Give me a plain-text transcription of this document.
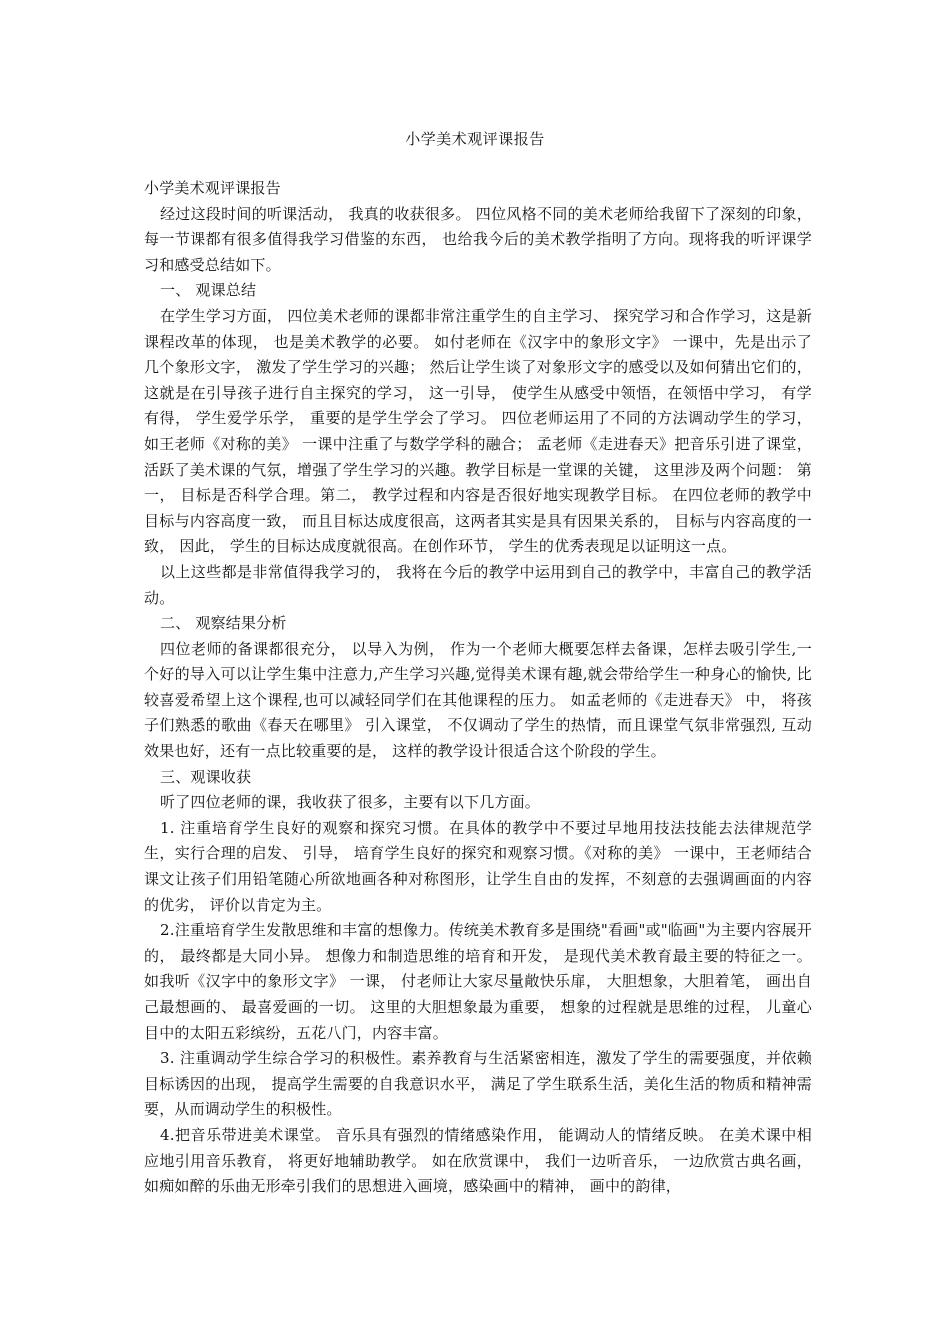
小学美术观评课报告

小学美术观评课报告

经过这段时间的听课活动， 我真的收获很多。 四位风格不同的美术老师给我留下了深刻的印象， 每一节课都有很多值得我学习借鉴的东西， 也给我今后的美术教学指明了方向。现将我的听评课学习和感受总结如下。

一、 观课总结

在学生学习方面， 四位美术老师的课都非常注重学生的自主学习、 探究学习和合作学习，这是新课程改革的体现， 也是美术教学的必要。 如付老师在《汉字中的象形文字》 一课中，先是出示了几个象形文字， 激发了学生学习的兴趣； 然后让学生谈了对象形文字的感受以及如何猜出它们的， 这就是在引导孩子进行自主探究的学习， 这一引导， 使学生从感受中领悟，在领悟中学习， 有学有得， 学生爱学乐学， 重要的是学生学会了学习。 四位老师运用了不同的方法调动学生的学习， 如王老师《对称的美》 一课中注重了与数学学科的融合； 孟老师《走进春天》把音乐引进了课堂，活跃了美术课的气氛，增强了学生学习的兴趣。教学目标是一堂课的关键， 这里涉及两个问题： 第一， 目标是否科学合理。第二， 教学过程和内容是否很好地实现教学目标。 在四位老师的教学中目标与内容高度一致， 而且目标达成度很高，这两者其实是具有因果关系的， 目标与内容高度的一致， 因此， 学生的目标达成度就很高。在创作环节， 学生的优秀表现足以证明这一点。

以上这些都是非常值得我学习的， 我将在今后的教学中运用到自己的教学中，丰富自己的教学活动。

二、 观察结果分析

四位老师的备课都很充分， 以导入为例， 作为一个老师大概要怎样去备课，怎样去吸引学生,一个好的导入可以让学生集中注意力,产生学习兴趣,觉得美术课有趣,就会带给学生一种身心的愉快, 比较喜爱希望上这个课程,也可以减轻同学们在其他课程的压力。 如孟老师的《走进春天》 中， 将孩子们熟悉的歌曲《春天在哪里》 引入课堂， 不仅调动了学生的热情，而且课堂气氛非常强烈, 互动效果也好，还有一点比较重要的是， 这样的教学设计很适合这个阶段的学生。

三、观课收获

听了四位老师的课，我收获了很多，主要有以下几方面。

1. 注重培育学生良好的观察和探究习惯。在具体的教学中不要过早地用技法技能去法律规范学生，实行合理的启发、 引导， 培育学生良好的探究和观察习惯。《对称的美》 一课中，王老师结合课文让孩子们用铅笔随心所欲地画各种对称图形，让学生自由的发挥，不刻意的去强调画面的内容的优劣， 评价以肯定为主。

2.注重培育学生发散思维和丰富的想像力。传统美术教育多是围绕"看画"或"临画"为主要内容展开的， 最终都是大同小异。 想像力和制造思维的培育和开发， 是现代美术教育最主要的特征之一。 如我听《汉字中的象形文字》 一课， 付老师让大家尽量敞快乐扉， 大胆想象，大胆着笔， 画出自己最想画的、 最喜爱画的一切。 这里的大胆想象最为重要， 想象的过程就是思维的过程， 儿童心目中的太阳五彩缤纷，五花八门，内容丰富。

3. 注重调动学生综合学习的积极性。素养教育与生活紧密相连，激发了学生的需要强度，并依赖目标诱因的出现， 提高学生需要的自我意识水平， 满足了学生联系生活，美化生活的物质和精神需要，从而调动学生的积极性。

4.把音乐带进美术课堂。 音乐具有强烈的情绪感染作用， 能调动人的情绪反映。 在美术课中相应地引用音乐教育， 将更好地辅助教学。 如在欣赏课中， 我们一边听音乐， 一边欣赏古典名画， 如痴如醉的乐曲无形牵引我们的思想进入画境，感染画中的精神， 画中的韵律，
